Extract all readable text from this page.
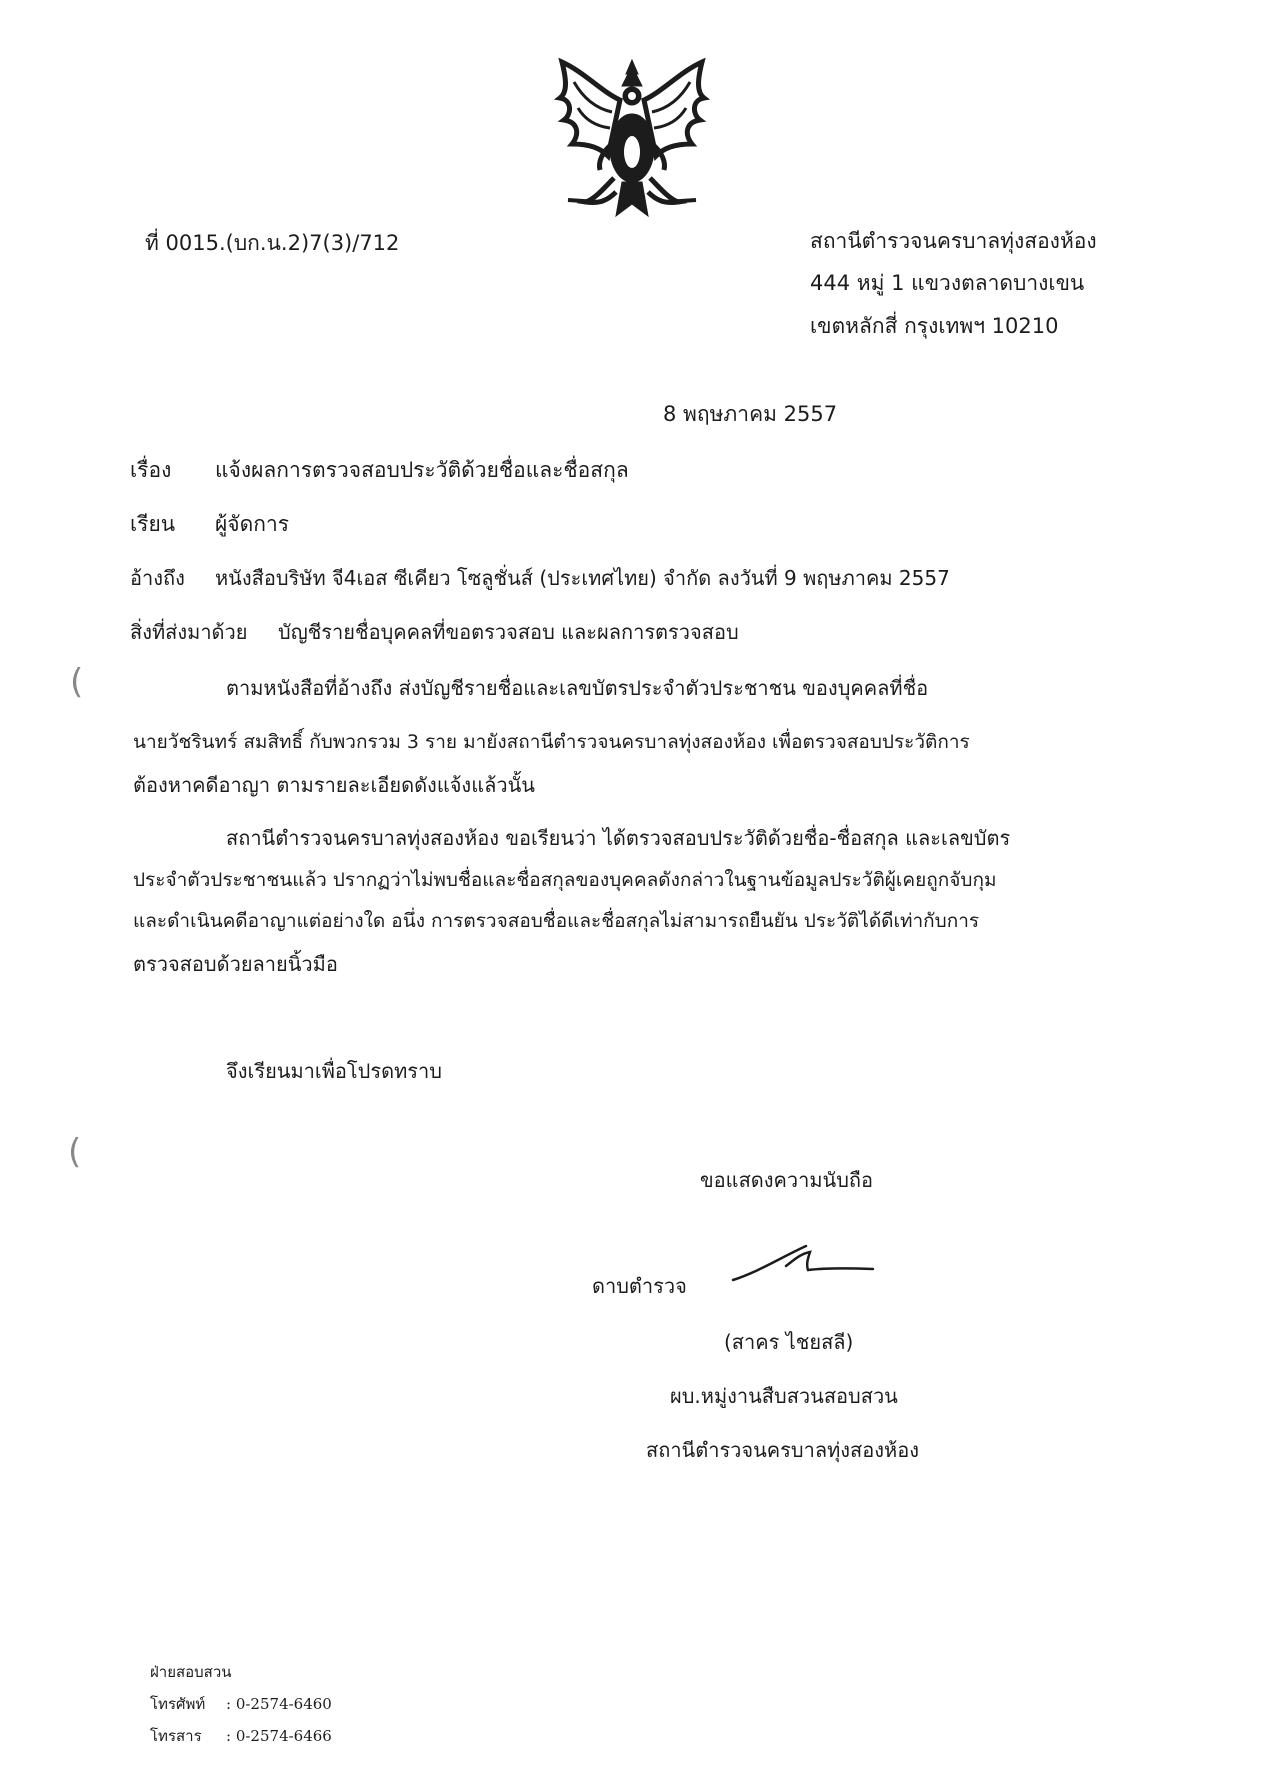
ที่ 0015.(บก.น.2)7(3)/712	สถานีตำรวจนครบาลทุ่งสองห้อง
444 หมู่ 1 แขวงตลาดบางเขน
เขตหลักสี่ กรุงเทพฯ 10210
8 พฤษภาคม 2557
เรื่อง แจ้งผลการตรวจสอบประวัติด้วยชื่อและชื่อสกุล
เรียน ผู้จัดการ
อ้างถึง หนังสือบริษัท จี4เอส ซีเคียว โซลูชั่นส์ (ประเทศไทย) จำกัด ลงวันที่ 9 พฤษภาคม 2557
สิ่งที่ส่งมาด้วย บัญชีรายชื่อบุคคลที่ขอตรวจสอบ และผลการตรวจสอบ
ตามหนังสือที่อ้างถึง ส่งบัญชีรายชื่อและเลขบัตรประจำตัวประชาชน ของบุคคลที่ชื่อ
นายวัชรินทร์ สมสิทธิ์ กับพวกรวม 3 ราย มายังสถานีตำรวจนครบาลทุ่งสองห้อง เพื่อตรวจสอบประวัติการ
ต้องหาคดีอาญา ตามรายละเอียดดังแจ้งแล้วนั้น
สถานีตำรวจนครบาลทุ่งสองห้อง ขอเรียนว่า ได้ตรวจสอบประวัติด้วยชื่อ-ชื่อสกุล และเลขบัตร
ประจำตัวประชาชนแล้ว ปรากฏว่าไม่พบชื่อและชื่อสกุลของบุคคลดังกล่าวในฐานข้อมูลประวัติผู้เคยถูกจับกุม
และดำเนินคดีอาญาแต่อย่างใด อนึ่ง การตรวจสอบชื่อและชื่อสกุลไม่สามารถยืนยัน ประวัติได้ดีเท่ากับการ
ตรวจสอบด้วยลายนิ้วมือ
จึงเรียนมาเพื่อโปรดทราบ
(
(
ขอแสดงความนับถือ
ดาบตำรวจ
(สาคร ไชยสลี)
ผบ.หมู่งานสืบสวนสอบสวน
สถานีตำรวจนครบาลทุ่งสองห้อง
ฝ่ายสอบสวน
โทรศัพท์ : 0-2574-6460
โทรสาร : 0-2574-6466
